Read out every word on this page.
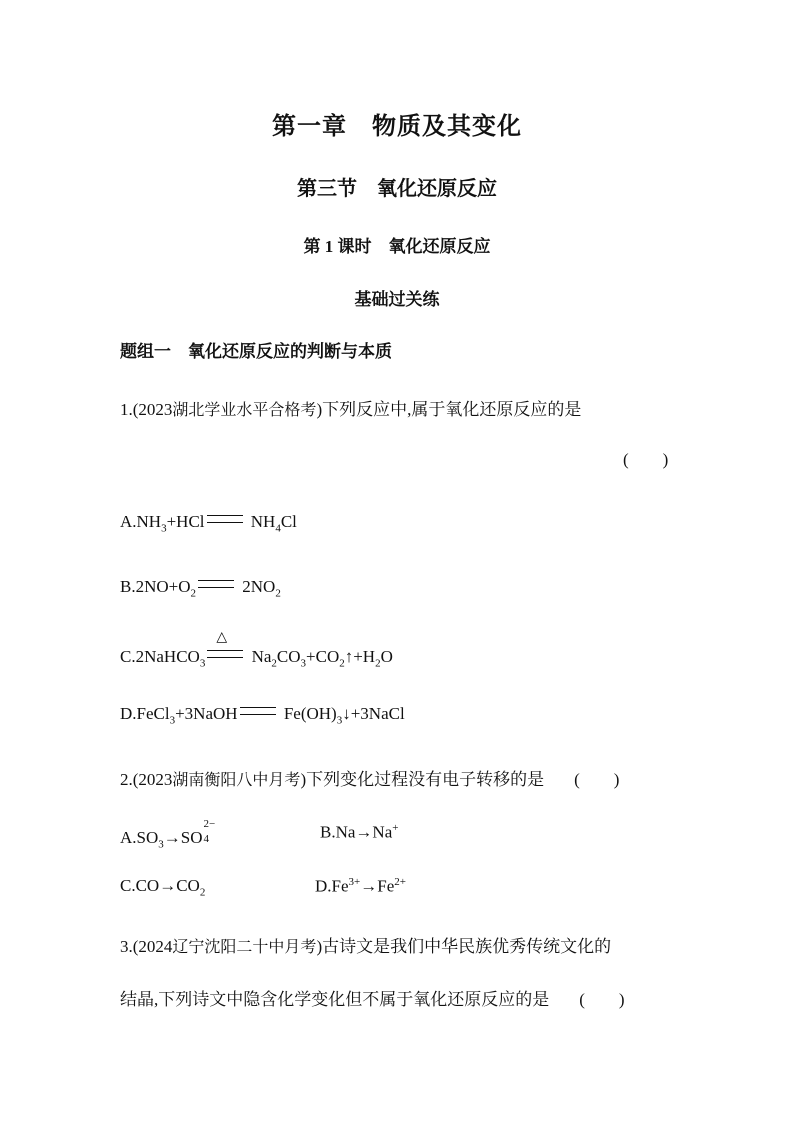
第一章　物质及其变化
第三节　氧化还原反应
第 1 课时　氧化还原反应
基础过关练
题组一　氧化还原反应的判断与本质
1.(2023湖北学业水平合格考)下列反应中,属于氧化还原反应的是
(　　)
$A.NH_3+HCl$ $NH_4Cl$
$B.2NO+O_2$ $2NO_2$
C.2NaHCO$_3$
△
$Na_2CO_3+CO_2↑+H_2O$
D.FeCl$_3$+3NaOH $Fe(OH)_3↓+3NaCl$
2.(2023湖南衡阳八中月考)下列变化过程没有电子转移的是 (　　)
$A.SO_3\to SO$
2−
4	B.Na→Na+
$C.CO\to CO_2$	$D.Fe^{3+}\to Fe^{2+}$
3.(2024辽宁沈阳二十中月考)古诗文是我们中华民族优秀传统文化的
结晶,下列诗文中隐含化学变化但不属于氧化还原反应的是 (　　)
